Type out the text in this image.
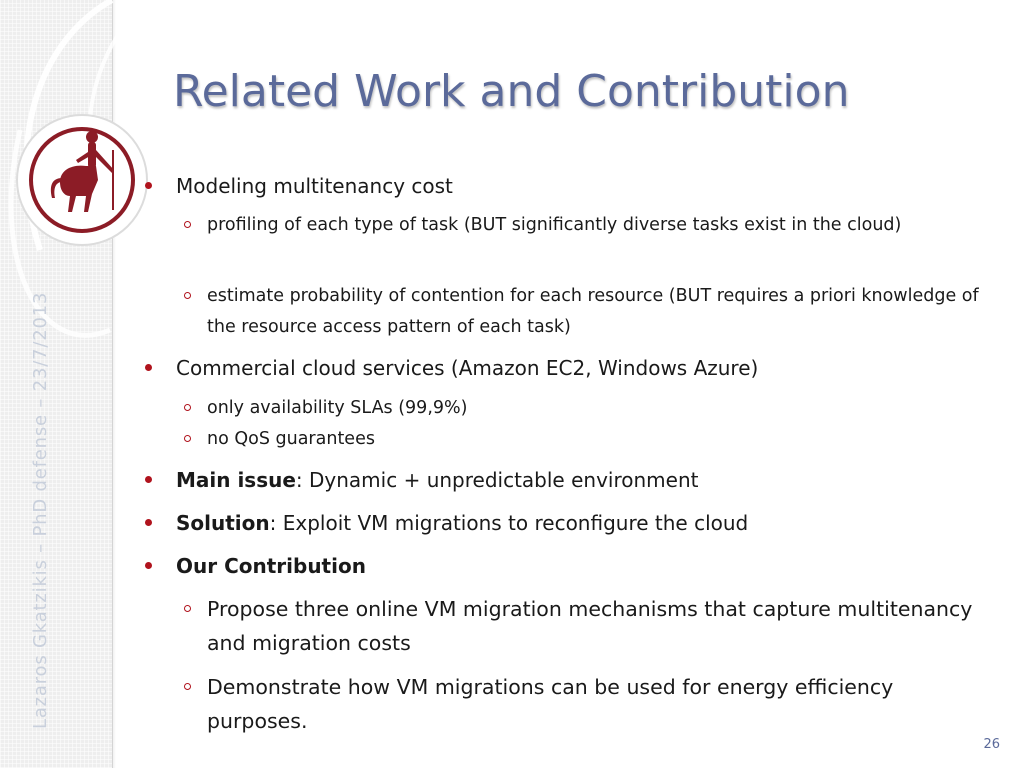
Lazaros Gkatzikis – PhD defense – 23/7/2013
Related Work and Contribution
Modeling multitenancy cost
profiling of each type of task (BUT significantly diverse tasks exist in the cloud)
estimate probability of contention for each resource (BUT requires a priori knowledge of the resource access pattern of each task)
Commercial cloud services (Amazon EC2, Windows Azure)
only availability SLAs (99,9%)
no QoS guarantees
Main issue: Dynamic + unpredictable environment
Solution: Exploit VM migrations to reconfigure the cloud
Our Contribution
Propose three online VM migration mechanisms that capture multitenancy and migration costs
Demonstrate how VM migrations can be used for energy efficiency purposes.
26
